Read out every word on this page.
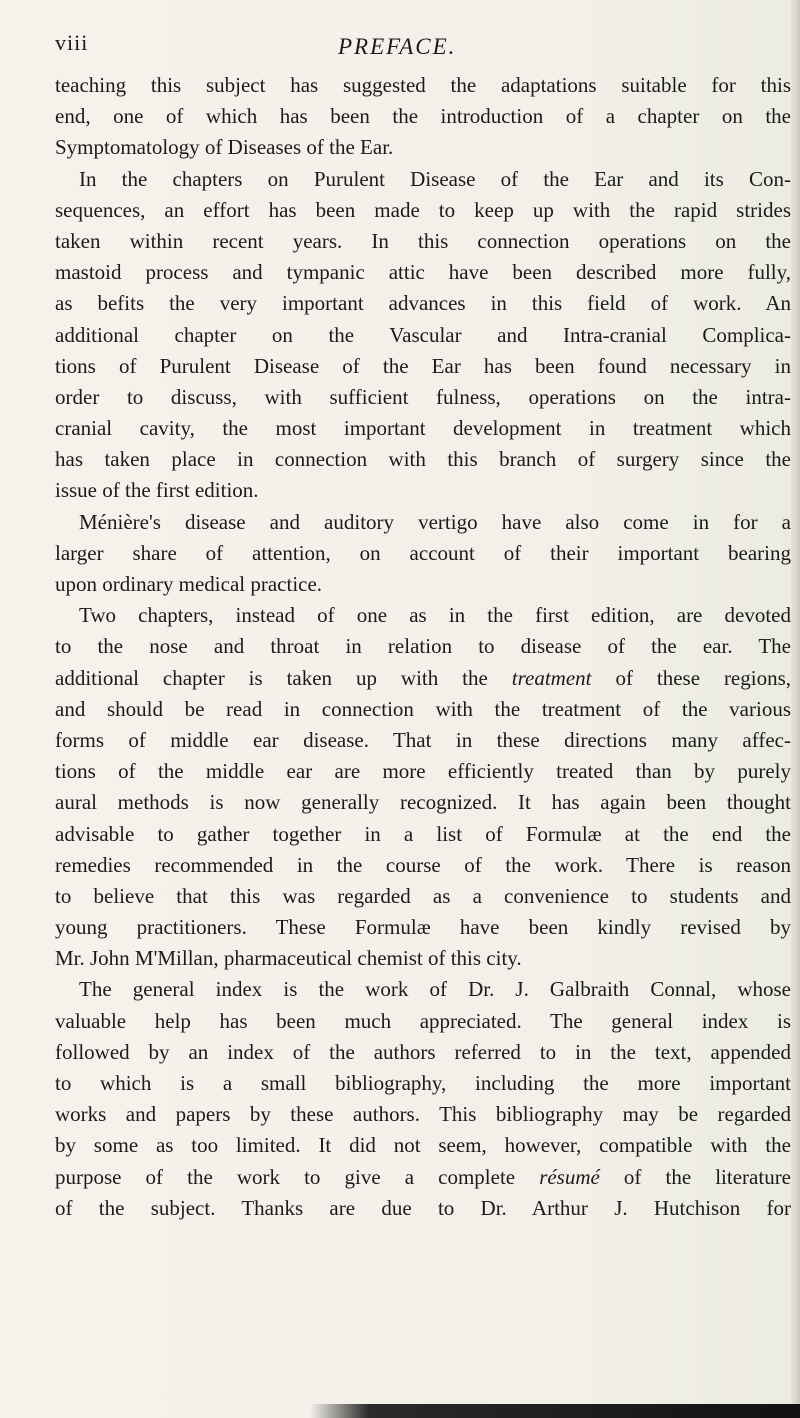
viii	PREFACE.
teaching this subject has suggested the adaptations suitable for this
end, one of which has been the introduction of a chapter on the
Symptomatology of Diseases of the Ear.
In the chapters on Purulent Disease of the Ear and its Con-
sequences, an effort has been made to keep up with the rapid strides
taken within recent years. In this connection operations on the
mastoid process and tympanic attic have been described more fully,
as befits the very important advances in this field of work. An
additional chapter on the Vascular and Intra-cranial Complica-
tions of Purulent Disease of the Ear has been found necessary in
order to discuss, with sufficient fulness, operations on the intra-
cranial cavity, the most important development in treatment which
has taken place in connection with this branch of surgery since the
issue of the first edition.
Ménière's disease and auditory vertigo have also come in for a
larger share of attention, on account of their important bearing
upon ordinary medical practice.
Two chapters, instead of one as in the first edition, are devoted
to the nose and throat in relation to disease of the ear. The
additional chapter is taken up with the treatment of these regions,
and should be read in connection with the treatment of the various
forms of middle ear disease. That in these directions many affec-
tions of the middle ear are more efficiently treated than by purely
aural methods is now generally recognized. It has again been thought
advisable to gather together in a list of Formulæ at the end the
remedies recommended in the course of the work. There is reason
to believe that this was regarded as a convenience to students and
young practitioners. These Formulæ have been kindly revised by
Mr. John M'Millan, pharmaceutical chemist of this city.
The general index is the work of Dr. J. Galbraith Connal, whose
valuable help has been much appreciated. The general index is
followed by an index of the authors referred to in the text, appended
to which is a small bibliography, including the more important
works and papers by these authors. This bibliography may be regarded
by some as too limited. It did not seem, however, compatible with the
purpose of the work to give a complete résumé of the literature
of the subject. Thanks are due to Dr. Arthur J. Hutchison for
